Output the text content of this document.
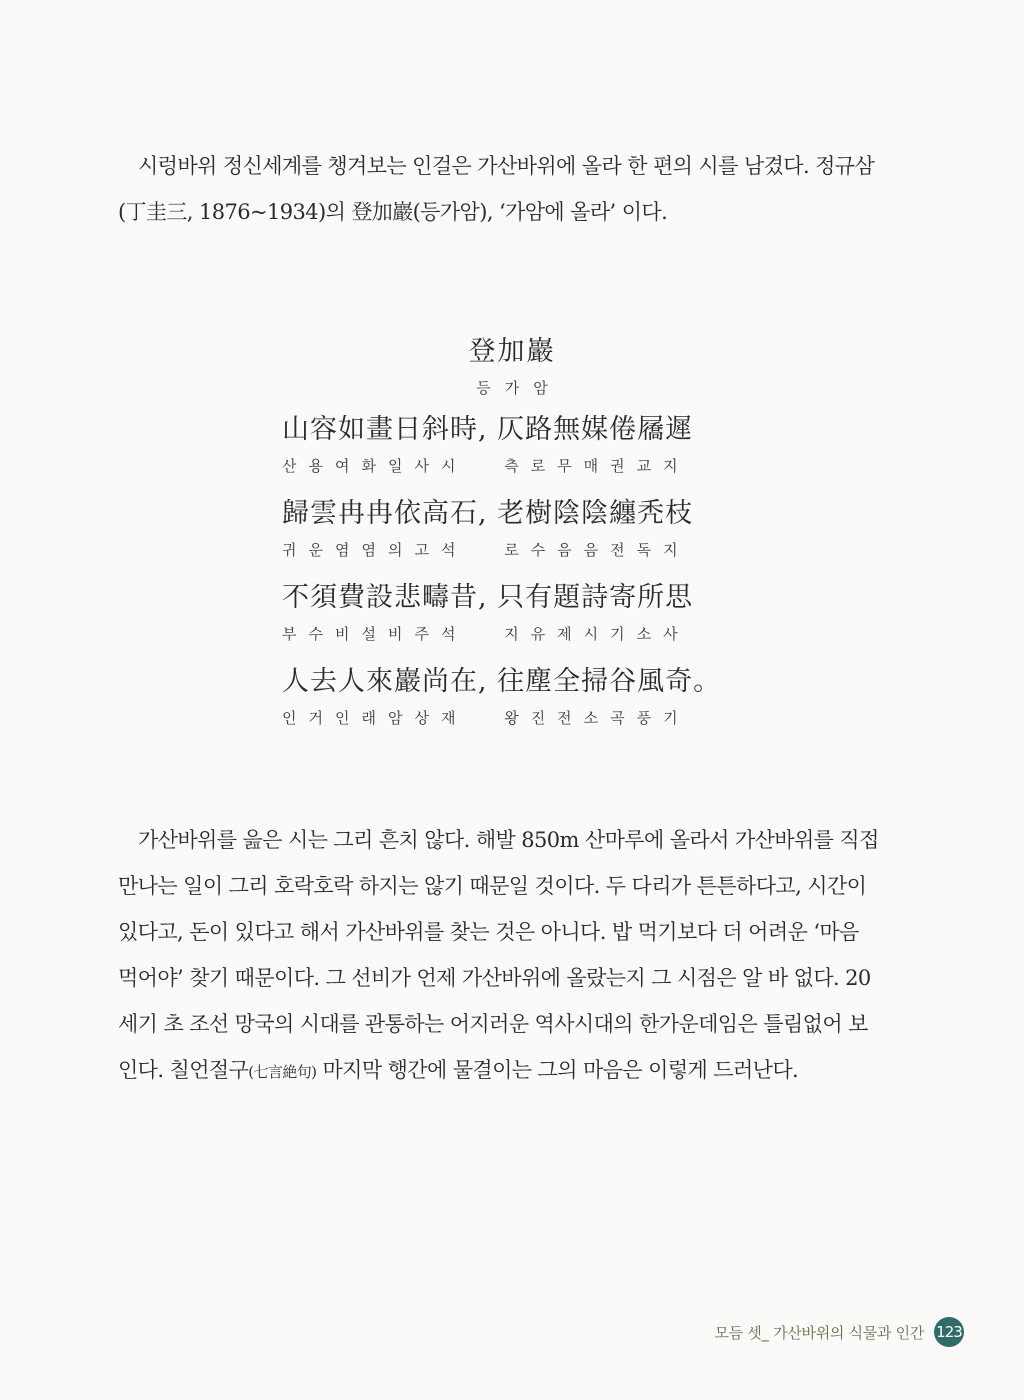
시렁바위 정신세계를 챙겨보는 인걸은 가산바위에 올라 한 편의 시를 남겼다. 정규삼
(丁圭三, 1876~1934)의 登加巖(등가암), ‘가암에 올라’ 이다.

登加巖

등가암

山容如畫日斜時, 仄路無媒倦屩遲

산용여화일사시 측로무매권교지

歸雲冉冉依高石, 老樹陰陰纏秃枝

귀운염염의고석 로수음음전독지

不須費設悲疇昔, 只有題詩寄所思

부수비설비주석 지유제시기소사

人去人來巖尚在, 往塵全掃谷風奇。

인거인래암상재 왕진전소곡풍기

가산바위를 읊은 시는 그리 흔치 않다. 해발 850m 산마루에 올라서 가산바위를 직접
만나는 일이 그리 호락호락 하지는 않기 때문일 것이다. 두 다리가 튼튼하다고, 시간이
있다고, 돈이 있다고 해서 가산바위를 찾는 것은 아니다. 밥 먹기보다 더 어려운 ‘마음
먹어야’ 찾기 때문이다. 그 선비가 언제 가산바위에 올랐는지 그 시점은 알 바 없다. 20
세기 초 조선 망국의 시대를 관통하는 어지러운 역사시대의 한가운데임은 틀림없어 보
인다. 칠언절구(七言絶句) 마지막 행간에 물결이는 그의 마음은 이렇게 드러난다.

모듬 셋_ 가산바위의 식물과 인간 123
